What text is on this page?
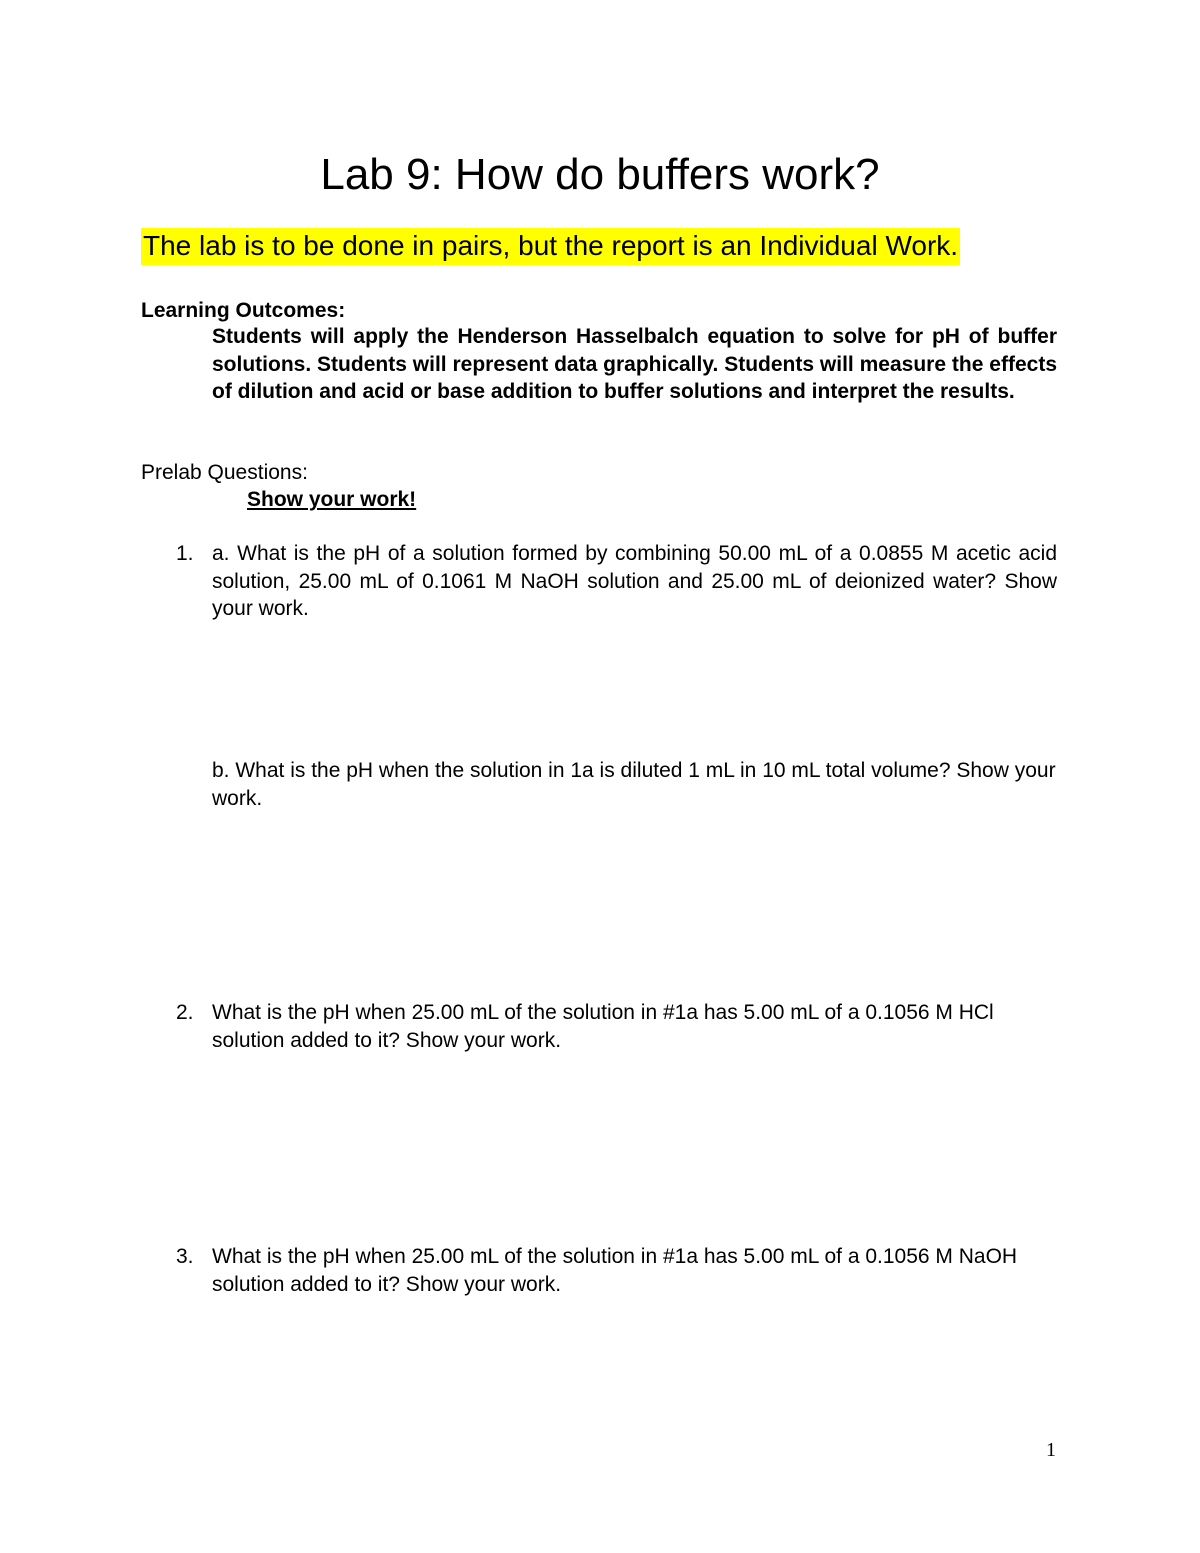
Lab 9: How do buffers work?

The lab is to be done in pairs, but the report is an Individual Work.

Learning Outcomes:

Students will apply the Henderson Hasselbalch equation to solve for pH of buffer solutions. Students will represent data graphically. Students will measure the effects of dilution and acid or base addition to buffer solutions and interpret the results.

Prelab Questions:

Show your work!

1. a. What is the pH of a solution formed by combining 50.00 mL of a 0.0855 M acetic acid solution, 25.00 mL of 0.1061 M NaOH solution and 25.00 mL of deionized water? Show your work.

b. What is the pH when the solution in 1a is diluted 1 mL in 10 mL total volume? Show your work.

2. What is the pH when 25.00 mL of the solution in #1a has 5.00 mL of a 0.1056 M HCl solution added to it? Show your work.

3. What is the pH when 25.00 mL of the solution in #1a has 5.00 mL of a 0.1056 M NaOH solution added to it? Show your work.

1
